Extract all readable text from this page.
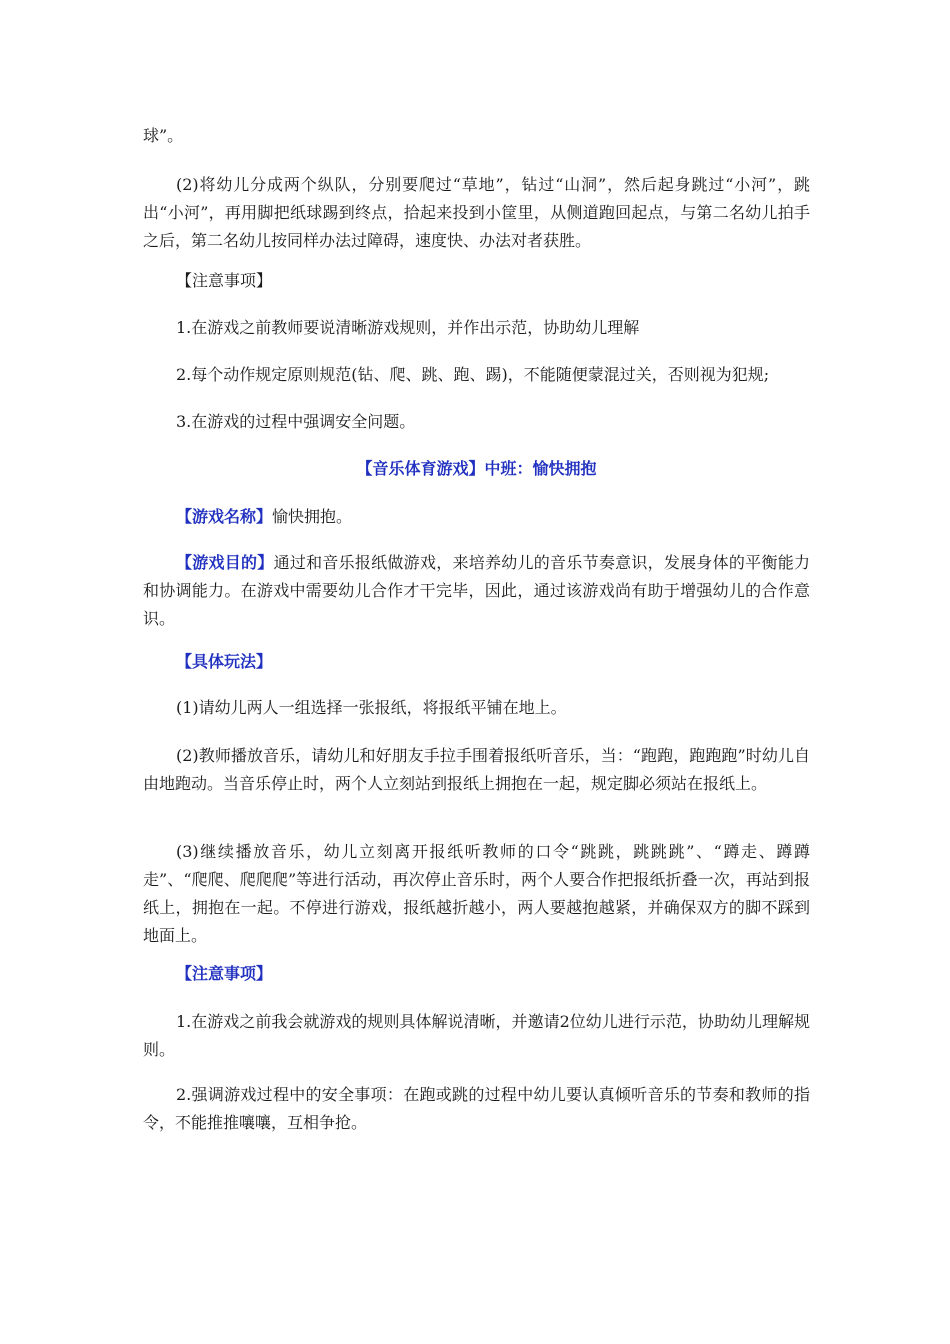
球”。

(2)将幼儿分成两个纵队，分别要爬过“草地”，钻过“山洞”，然后起身跳过“小河”，跳出“小河”，再用脚把纸球踢到终点，拾起来投到小筐里，从侧道跑回起点，与第二名幼儿拍手之后，第二名幼儿按同样办法过障碍，速度快、办法对者获胜。

【注意事项】

1.在游戏之前教师要说清晰游戏规则，并作出示范，协助幼儿理解

2.每个动作规定原则规范(钻、爬、跳、跑、踢)，不能随便蒙混过关，否则视为犯规;

3.在游戏的过程中强调安全问题。

【音乐体育游戏】中班：愉快拥抱

【游戏名称】愉快拥抱。

【游戏目的】通过和音乐报纸做游戏，来培养幼儿的音乐节奏意识，发展身体的平衡能力和协调能力。在游戏中需要幼儿合作才干完毕，因此，通过该游戏尚有助于增强幼儿的合作意识。

【具体玩法】

(1)请幼儿两人一组选择一张报纸，将报纸平铺在地上。

(2)教师播放音乐，请幼儿和好朋友手拉手围着报纸听音乐，当：“跑跑，跑跑跑”时幼儿自由地跑动。当音乐停止时，两个人立刻站到报纸上拥抱在一起，规定脚必须站在报纸上。

(3)继续播放音乐，幼儿立刻离开报纸听教师的口令“跳跳，跳跳跳”、“蹲走、蹲蹲走”、“爬爬、爬爬爬”等进行活动，再次停止音乐时，两个人要合作把报纸折叠一次，再站到报纸上，拥抱在一起。不停进行游戏，报纸越折越小，两人要越抱越紧，并确保双方的脚不踩到地面上。

【注意事项】

1.在游戏之前我会就游戏的规则具体解说清晰，并邀请2位幼儿进行示范，协助幼儿理解规则。

2.强调游戏过程中的安全事项：在跑或跳的过程中幼儿要认真倾听音乐的节奏和教师的指令，不能推推嚷嚷，互相争抢。
